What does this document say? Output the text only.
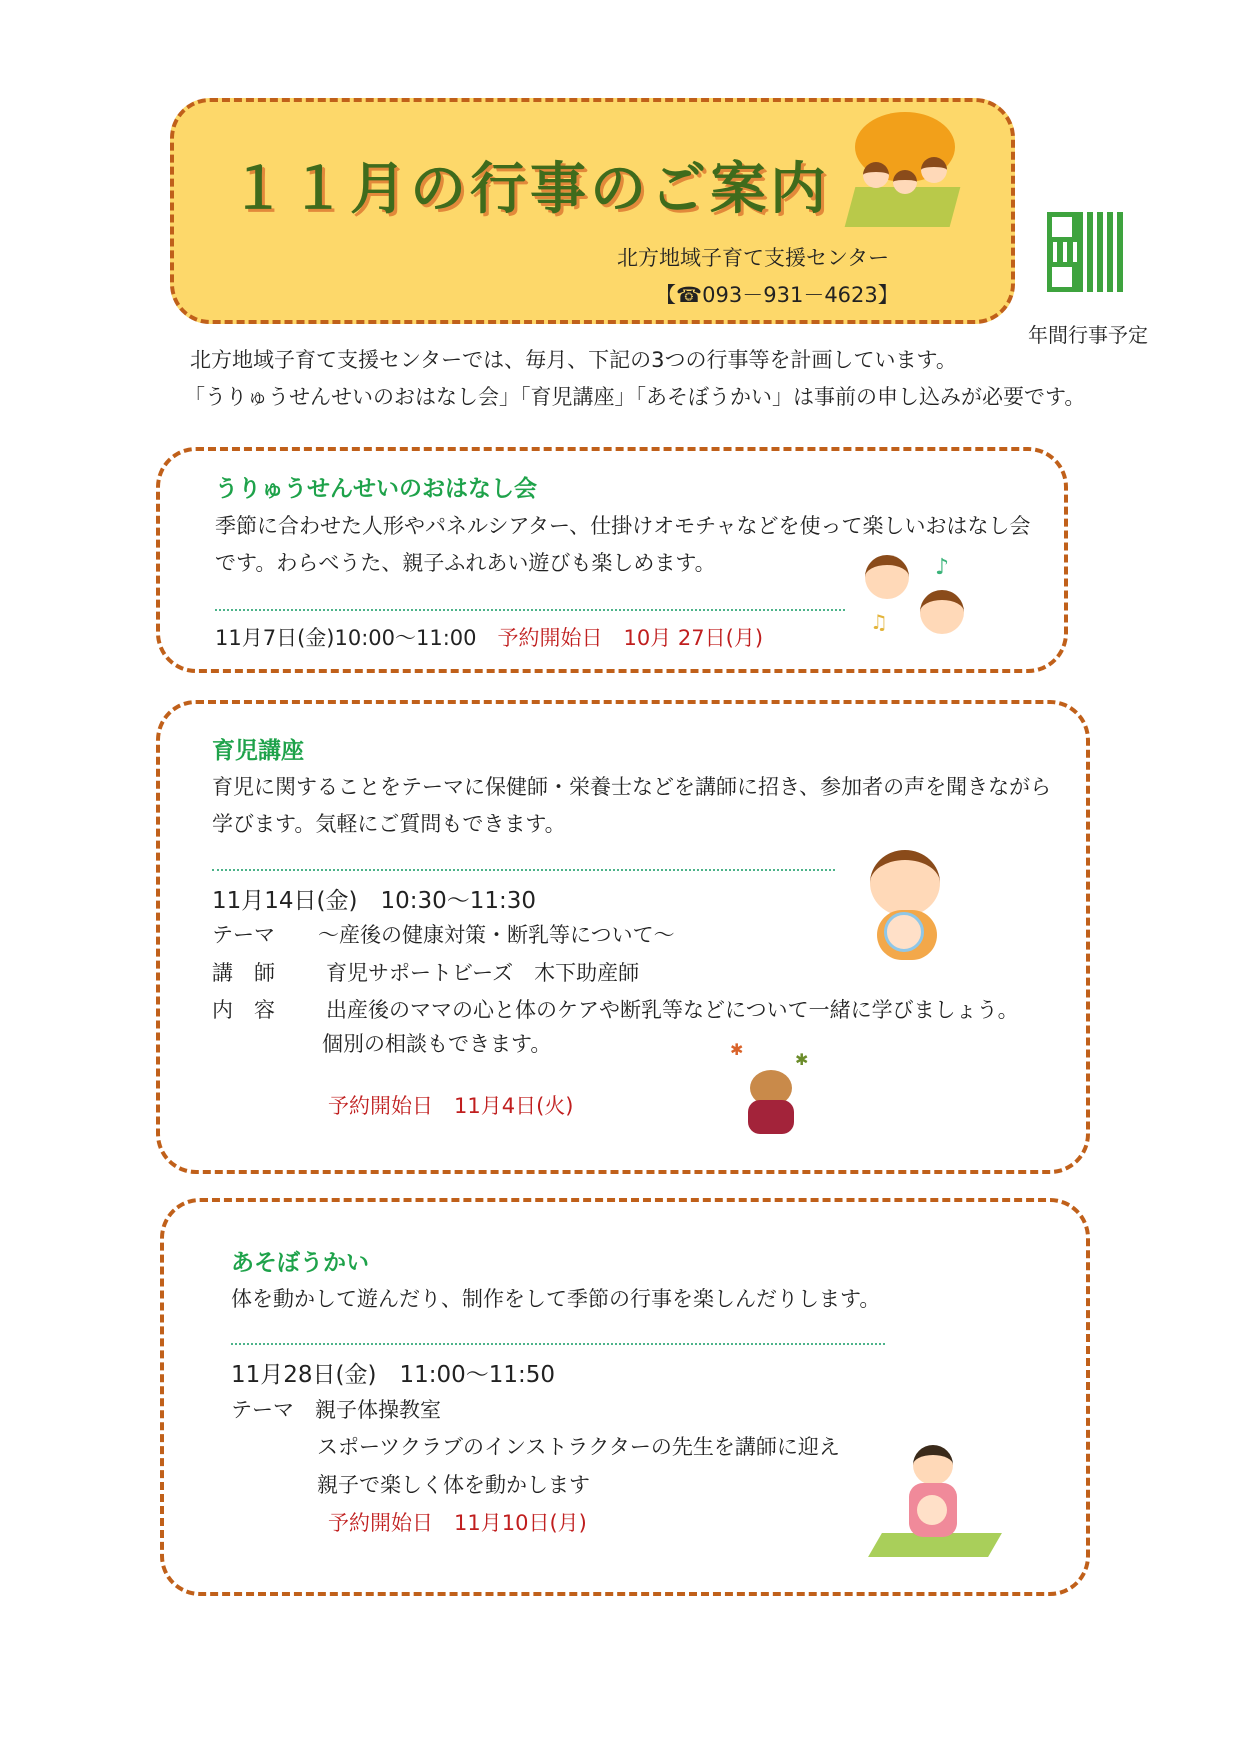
１１月の行事のご案内
北方地域子育て支援センター
【☎093－931－4623】
年間行事予定
北方地域子育て支援センターでは、毎月、下記の3つの行事等を計画しています。
「うりゅうせんせいのおはなし会」「育児講座」「あそぼうかい」は事前の申し込みが必要です。
うりゅうせんせいのおはなし会
季節に合わせた人形やパネルシアター、仕掛けオモチャなどを使って楽しいおはなし会
です。わらべうた、親子ふれあい遊びも楽しめます。
11月7日(金)10:00～11:00　 予約開始日　10月 27日(月)
♪
♫
育児講座
育児に関することをテーマに保健師・栄養士などを講師に招き、参加者の声を聞きながら
学びます。気軽にご質問もできます。
11月14日(金)　10:30～11:30
テーマ ～産後の健康対策・断乳等について～
講　師 育児サポートビーズ　木下助産師
内　容 出産後のママの心と体のケアや断乳等などについて一緒に学びましょう。
個別の相談もできます。
予約開始日　11月4日(火)
✱
✱
あそぼうかい
体を動かして遊んだり、制作をして季節の行事を楽しんだりします。
11月28日(金)　11:00～11:50
テーマ　親子体操教室
スポーツクラブのインストラクターの先生を講師に迎え
親子で楽しく体を動かします
予約開始日　11月10日(月)
